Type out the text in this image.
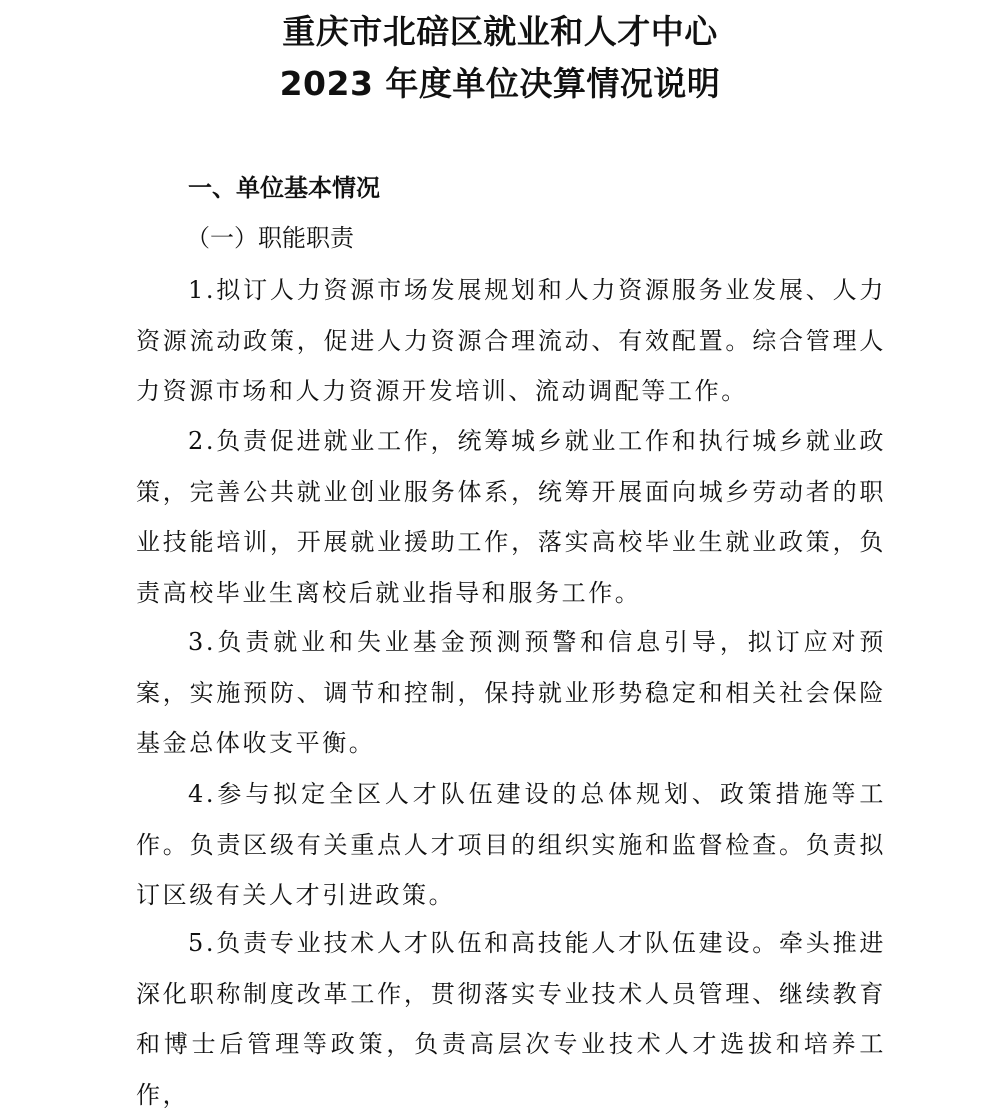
重庆市北碚区就业和人才中心
2023 年度单位决算情况说明
一、单位基本情况
（一）职能职责

1.拟订人力资源市场发展规划和人力资源服务业发展、人力资源流动政策，促进人力资源合理流动、有效配置。综合管理人力资源市场和人力资源开发培训、流动调配等工作。

2.负责促进就业工作，统筹城乡就业工作和执行城乡就业政策，完善公共就业创业服务体系，统筹开展面向城乡劳动者的职业技能培训，开展就业援助工作，落实高校毕业生就业政策，负责高校毕业生离校后就业指导和服务工作。

3.负责就业和失业基金预测预警和信息引导，拟订应对预案，实施预防、调节和控制，保持就业形势稳定和相关社会保险基金总体收支平衡。

4.参与拟定全区人才队伍建设的总体规划、政策措施等工作。负责区级有关重点人才项目的组织实施和监督检查。负责拟订区级有关人才引进政策。

5.负责专业技术人才队伍和高技能人才队伍建设。牵头推进深化职称制度改革工作，贯彻落实专业技术人员管理、继续教育和博士后管理等政策，负责高层次专业技术人才选拔和培养工作，
